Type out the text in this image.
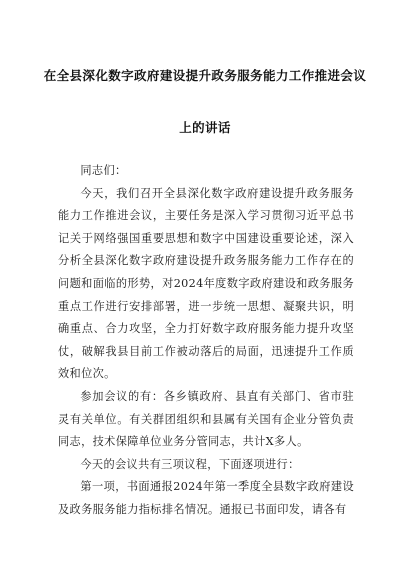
在全县深化数字政府建设提升政务服务能力工作推进会议
上的讲话

同志们：

今天，我们召开全县深化数字政府建设提升政务服务能力工作推进会议，主要任务是深入学习贯彻习近平总书记关于网络强国重要思想和数字中国建设重要论述，深入分析全县深化数字政府建设提升政务服务能力工作存在的问题和面临的形势，对2024年度数字政府建设和政务服务重点工作进行安排部署，进一步统一思想、凝聚共识，明确重点、合力攻坚，全力打好数字政府服务能力提升攻坚仗，破解我县目前工作被动落后的局面，迅速提升工作质效和位次。

参加会议的有：各乡镇政府、县直有关部门、省市驻灵有关单位。有关群团组织和县属有关国有企业分管负责同志，技术保障单位业务分管同志，共计X多人。

今天的会议共有三项议程，下面逐项进行：

第一项，书面通报2024年第一季度全县数字政府建设及政务服务能力指标排名情况。通报已书面印发，请各有
